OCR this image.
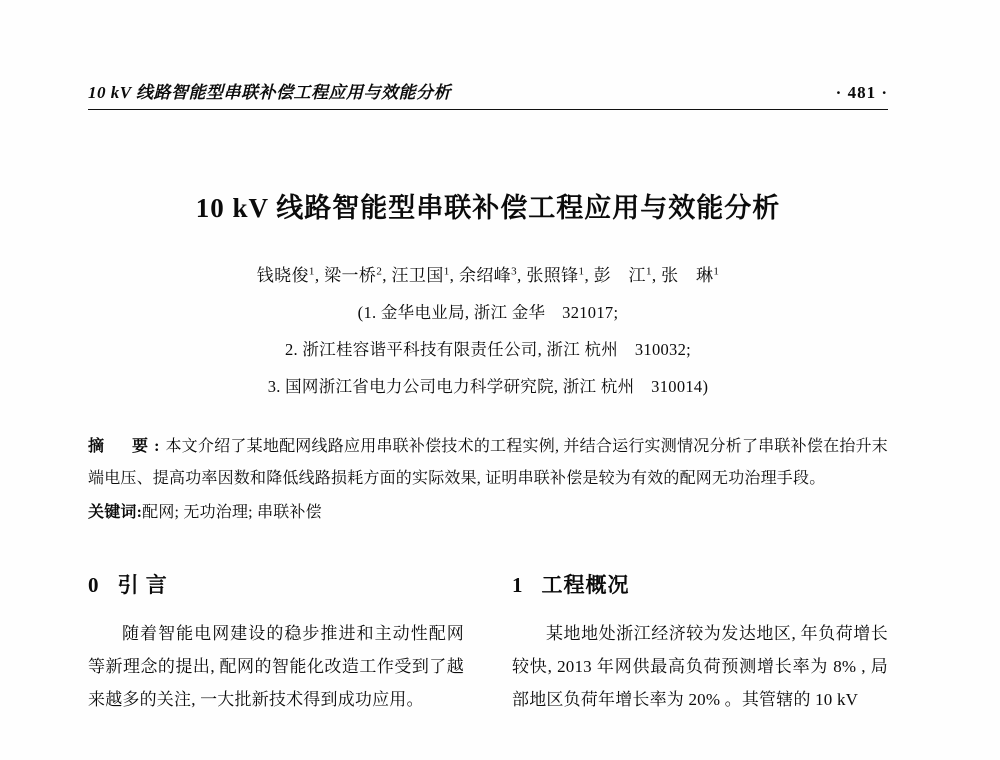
10 kV 线路智能型串联补偿工程应用与效能分析	· 481 ·
10 kV 线路智能型串联补偿工程应用与效能分析
钱晓俊$^1$, 梁一桥$^2$, 汪卫国$^1$, 余绍峰$^3$, 张照锋$^1$, 彭　江$^1$, 张　琳$^1$
(1. 金华电业局, 浙江 金华　321017;
2. 浙江桂容谐平科技有限责任公司, 浙江 杭州　310032;
3. 国网浙江省电力公司电力科学研究院, 浙江 杭州　310014)
摘　要:本文介绍了某地配网线路应用串联补偿技术的工程实例, 并结合运行实测情况分析了串联补偿在抬升末端电压、提高功率因数和降低线路损耗方面的实际效果, 证明串联补偿是较为有效的配网无功治理手段。
关键词:配网; 无功治理; 串联补偿
0 引 言
随着智能电网建设的稳步推进和主动性配网等新理念的提出, 配网的智能化改造工作受到了越来越多的关注, 一大批新技术得到成功应用。
1 工程概况
某地地处浙江经济较为发达地区, 年负荷增长较快, 2013 年网供最高负荷预测增长率为 8% , 局部地区负荷年增长率为 20% 。其管辖的 10 kV
